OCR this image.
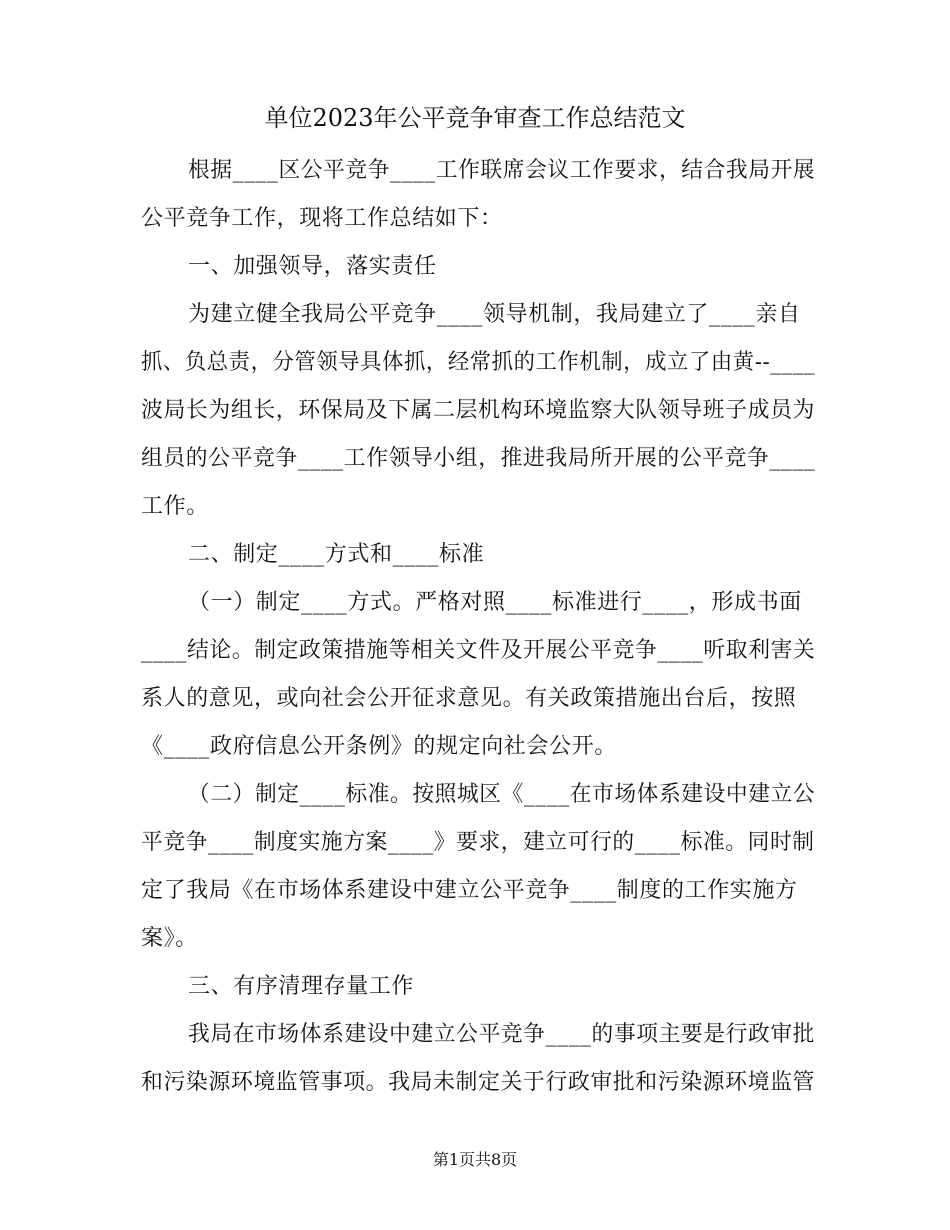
单位2023年公平竞争审查工作总结范文
根据____区公平竞争____工作联席会议工作要求，结合我局开展
公平竞争工作，现将工作总结如下：
一、加强领导，落实责任
为建立健全我局公平竞争____领导机制，我局建立了____亲自
抓、负总责，分管领导具体抓，经常抓的工作机制，成立了由黄--____
波局长为组长，环保局及下属二层机构环境监察大队领导班子成员为
组员的公平竞争____工作领导小组，推进我局所开展的公平竞争____
工作。
二、制定____方式和____标准
（一）制定____方式。严格对照____标准进行____，形成书面
____结论。制定政策措施等相关文件及开展公平竞争____听取利害关
系人的意见，或向社会公开征求意见。有关政策措施出台后，按照
《____政府信息公开条例》的规定向社会公开。
（二）制定____标准。按照城区《____在市场体系建设中建立公
平竞争____制度实施方案____》要求，建立可行的____标准。同时制
定了我局《在市场体系建设中建立公平竞争____制度的工作实施方
案》。
三、有序清理存量工作
我局在市场体系建设中建立公平竞争____的事项主要是行政审批
和污染源环境监管事项。我局未制定关于行政审批和污染源环境监管
第1页共8页
